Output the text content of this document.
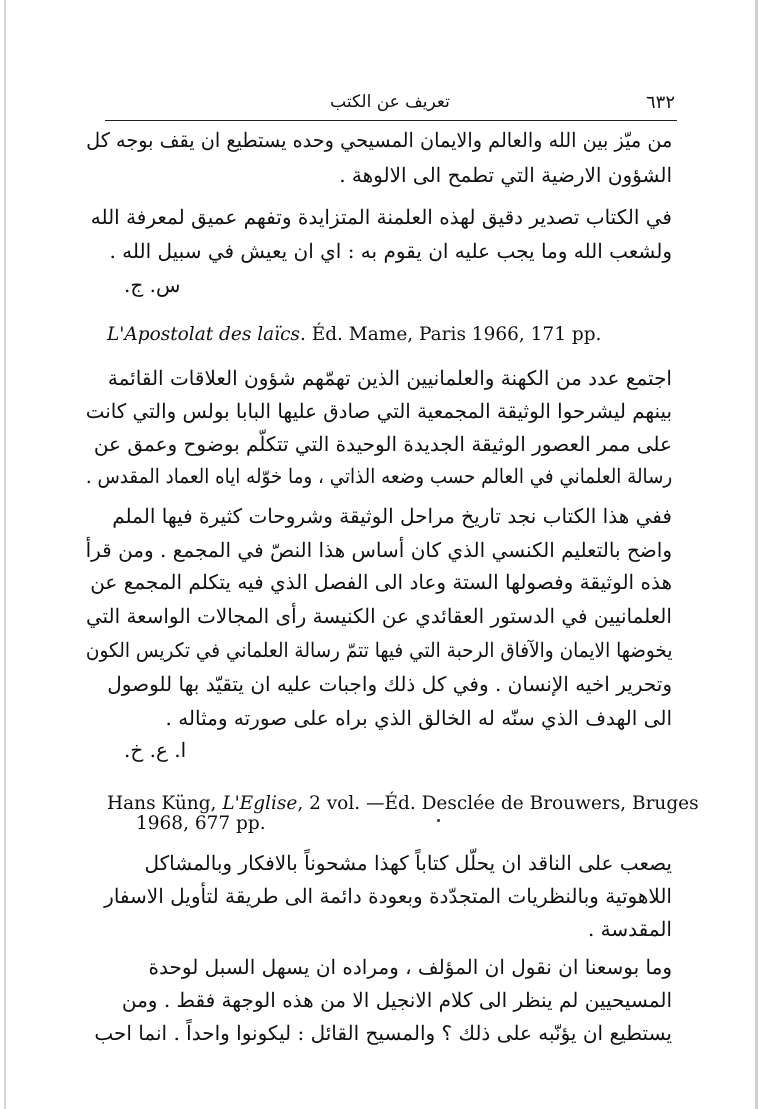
٦٣٢
تعريف عن الكتب
من ميّز بين الله والعالم والايمان المسيحي وحده يستطيع ان يقف بوجه كل
الشؤون الارضية التي تطمح الى الالوهة .
في الكتاب تصدير دقيق لهذه العلمنة المتزايدة وتفهم عميق لمعرفة الله
ولشعب الله وما يجب عليه ان يقوم به : اي ان يعيش في سبيل الله .
س. ج.
L'Apostolat des laïcs. Éd. Mame, Paris 1966, 171 pp.
اجتمع عدد من الكهنة والعلمانيين الذين تهمّهم شؤون العلاقات القائمة
بينهم ليشرحوا الوثيقة المجمعية التي صادق عليها البابا بولس والتي كانت
على ممر العصور الوثيقة الجديدة الوحيدة التي تتكلّم بوضوح وعمق عن
رسالة العلماني في العالم حسب وضعه الذاتي ، وما خوّله اياه العماد المقدس .
ففي هذا الكتاب نجد تاريخ مراحل الوثيقة وشروحات كثيرة فيها الملم
واضح بالتعليم الكنسي الذي كان أساس هذا النصّ في المجمع . ومن قرأ
هذه الوثيقة وفصولها الستة وعاد الى الفصل الذي فيه يتكلم المجمع عن
العلمانيين في الدستور العقائدي عن الكنيسة رأى المجالات الواسعة التي
يخوضها الايمان والآفاق الرحبة التي فيها تتمّ رسالة العلماني في تكريس الكون
وتحرير اخيه الإنسان . وفي كل ذلك واجبات عليه ان يتقيّد بها للوصول
الى الهدف الذي سنّه له الخالق الذي براه على صورته ومثاله .
ا. ع. خ.
Hans Küng, L'Eglise, 2 vol. —Éd. Desclée de Brouwers, Bruges
1968, 677 pp.
يصعب على الناقد ان يحلّل كتاباً كهذا مشحوناً بالافكار وبالمشاكل
اللاهوتية وبالنظريات المتجدّدة وبعودة دائمة الى طريقة لتأويل الاسفار
المقدسة .
وما بوسعنا ان نقول ان المؤلف ، ومراده ان يسهل السبل لوحدة
المسيحيين لم ينظر الى كلام الانجيل الا من هذه الوجهة فقط . ومن
يستطيع ان يؤنّبه على ذلك ؟ والمسيح القائل : ليكونوا واحداً . انما احب
